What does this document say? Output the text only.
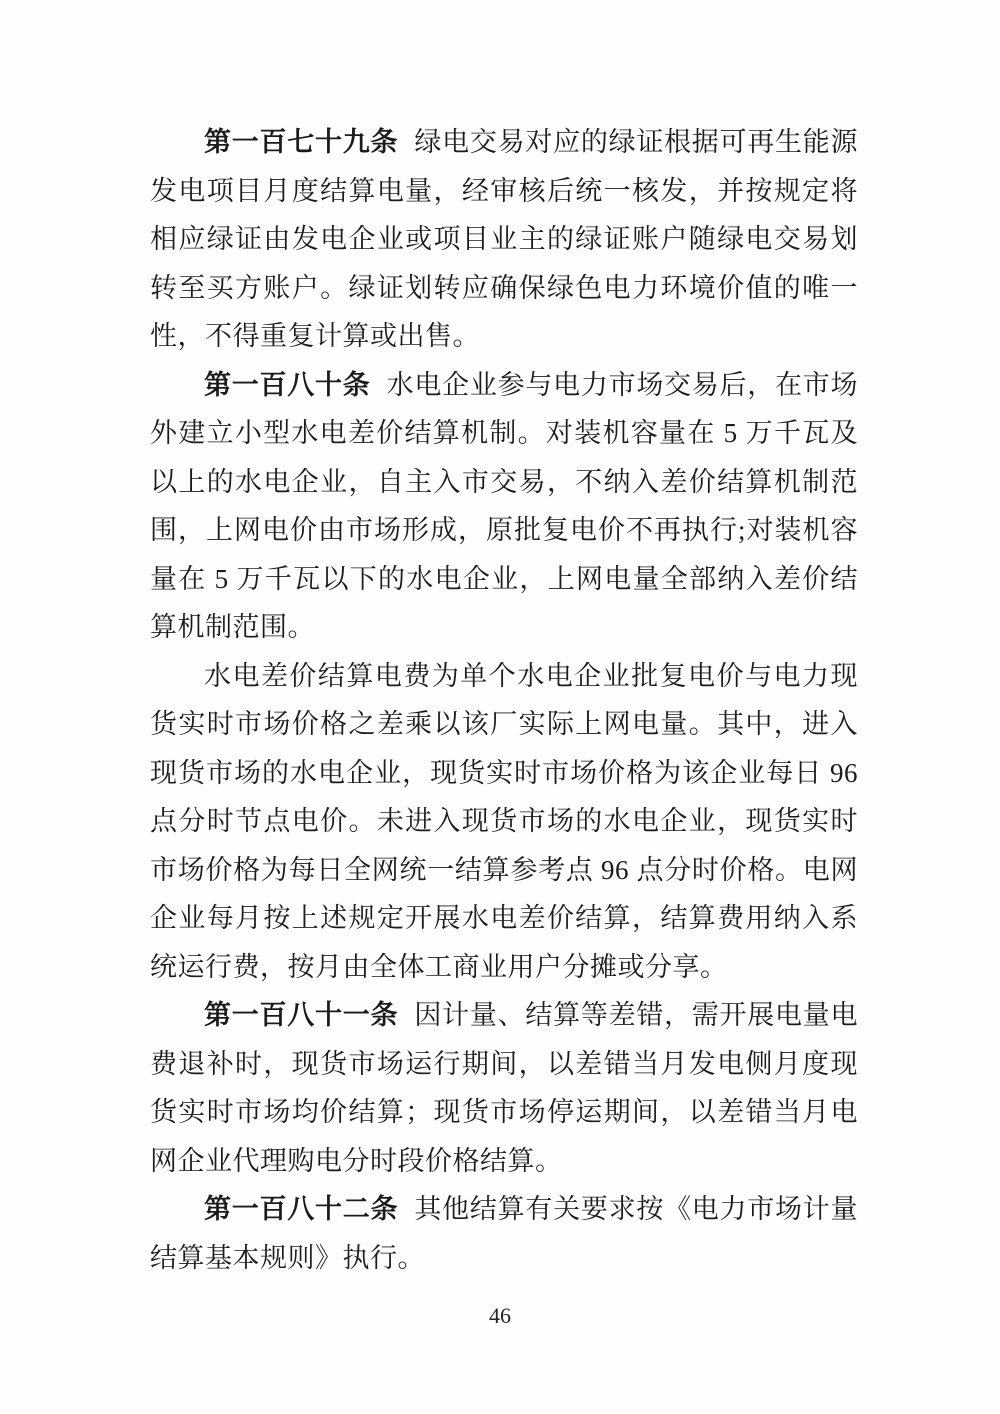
第一百七十九条 绿电交易对应的绿证根据可再生能源发电项目月度结算电量，经审核后统一核发，并按规定将相应绿证由发电企业或项目业主的绿证账户随绿电交易划转至买方账户。绿证划转应确保绿色电力环境价值的唯一性，不得重复计算或出售。

第一百八十条 水电企业参与电力市场交易后，在市场外建立小型水电差价结算机制。对装机容量在 5 万千瓦及以上的水电企业，自主入市交易，不纳入差价结算机制范围，上网电价由市场形成，原批复电价不再执行;对装机容量在 5 万千瓦以下的水电企业，上网电量全部纳入差价结算机制范围。

水电差价结算电费为单个水电企业批复电价与电力现货实时市场价格之差乘以该厂实际上网电量。其中，进入现货市场的水电企业，现货实时市场价格为该企业每日 96 点分时节点电价。未进入现货市场的水电企业，现货实时市场价格为每日全网统一结算参考点 96 点分时价格。电网企业每月按上述规定开展水电差价结算，结算费用纳入系统运行费，按月由全体工商业用户分摊或分享。

第一百八十一条 因计量、结算等差错，需开展电量电费退补时，现货市场运行期间，以差错当月发电侧月度现货实时市场均价结算；现货市场停运期间，以差错当月电网企业代理购电分时段价格结算。

第一百八十二条 其他结算有关要求按《电力市场计量结算基本规则》执行。

46
